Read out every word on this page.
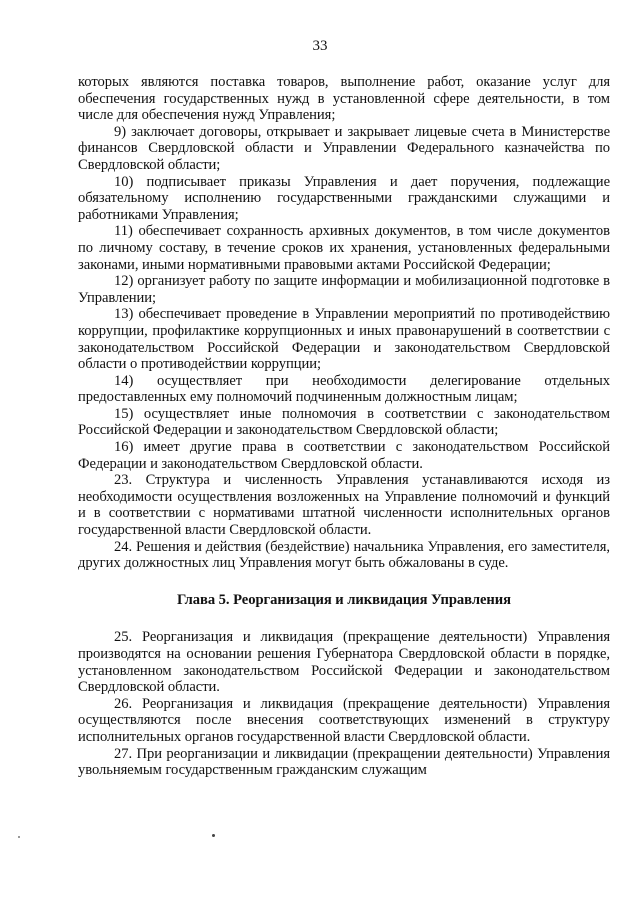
33

которых являются поставка товаров, выполнение работ, оказание услуг для обеспечения государственных нужд в установленной сфере деятельности, в том числе для обеспечения нужд Управления;

9) заключает договоры, открывает и закрывает лицевые счета в Министерстве финансов Свердловской области и Управлении Федерального казначейства по Свердловской области;

10) подписывает приказы Управления и дает поручения, подлежащие обязательному исполнению государственными гражданскими служащими и работниками Управления;

11) обеспечивает сохранность архивных документов, в том числе документов по личному составу, в течение сроков их хранения, установленных федеральными законами, иными нормативными правовыми актами Российской Федерации;

12) организует работу по защите информации и мобилизационной подготовке в Управлении;

13) обеспечивает проведение в Управлении мероприятий по противодействию коррупции, профилактике коррупционных и иных правонарушений в соответствии с законодательством Российской Федерации и законодательством Свердловской области о противодействии коррупции;

14) осуществляет при необходимости делегирование отдельных предоставленных ему полномочий подчиненным должностным лицам;

15) осуществляет иные полномочия в соответствии с законодательством Российской Федерации и законодательством Свердловской области;

16) имеет другие права в соответствии с законодательством Российской Федерации и законодательством Свердловской области.

23. Структура и численность Управления устанавливаются исходя из необходимости осуществления возложенных на Управление полномочий и функций и в соответствии с нормативами штатной численности исполнительных органов государственной власти Свердловской области.

24. Решения и действия (бездействие) начальника Управления, его заместителя, других должностных лиц Управления могут быть обжалованы в суде.

Глава 5. Реорганизация и ликвидация Управления

25. Реорганизация и ликвидация (прекращение деятельности) Управления производятся на основании решения Губернатора Свердловской области в порядке, установленном законодательством Российской Федерации и законодательством Свердловской области.

26. Реорганизация и ликвидация (прекращение деятельности) Управления осуществляются после внесения соответствующих изменений в структуру исполнительных органов государственной власти Свердловской области.

27. При реорганизации и ликвидации (прекращении деятельности) Управления увольняемым государственным гражданским служащим
